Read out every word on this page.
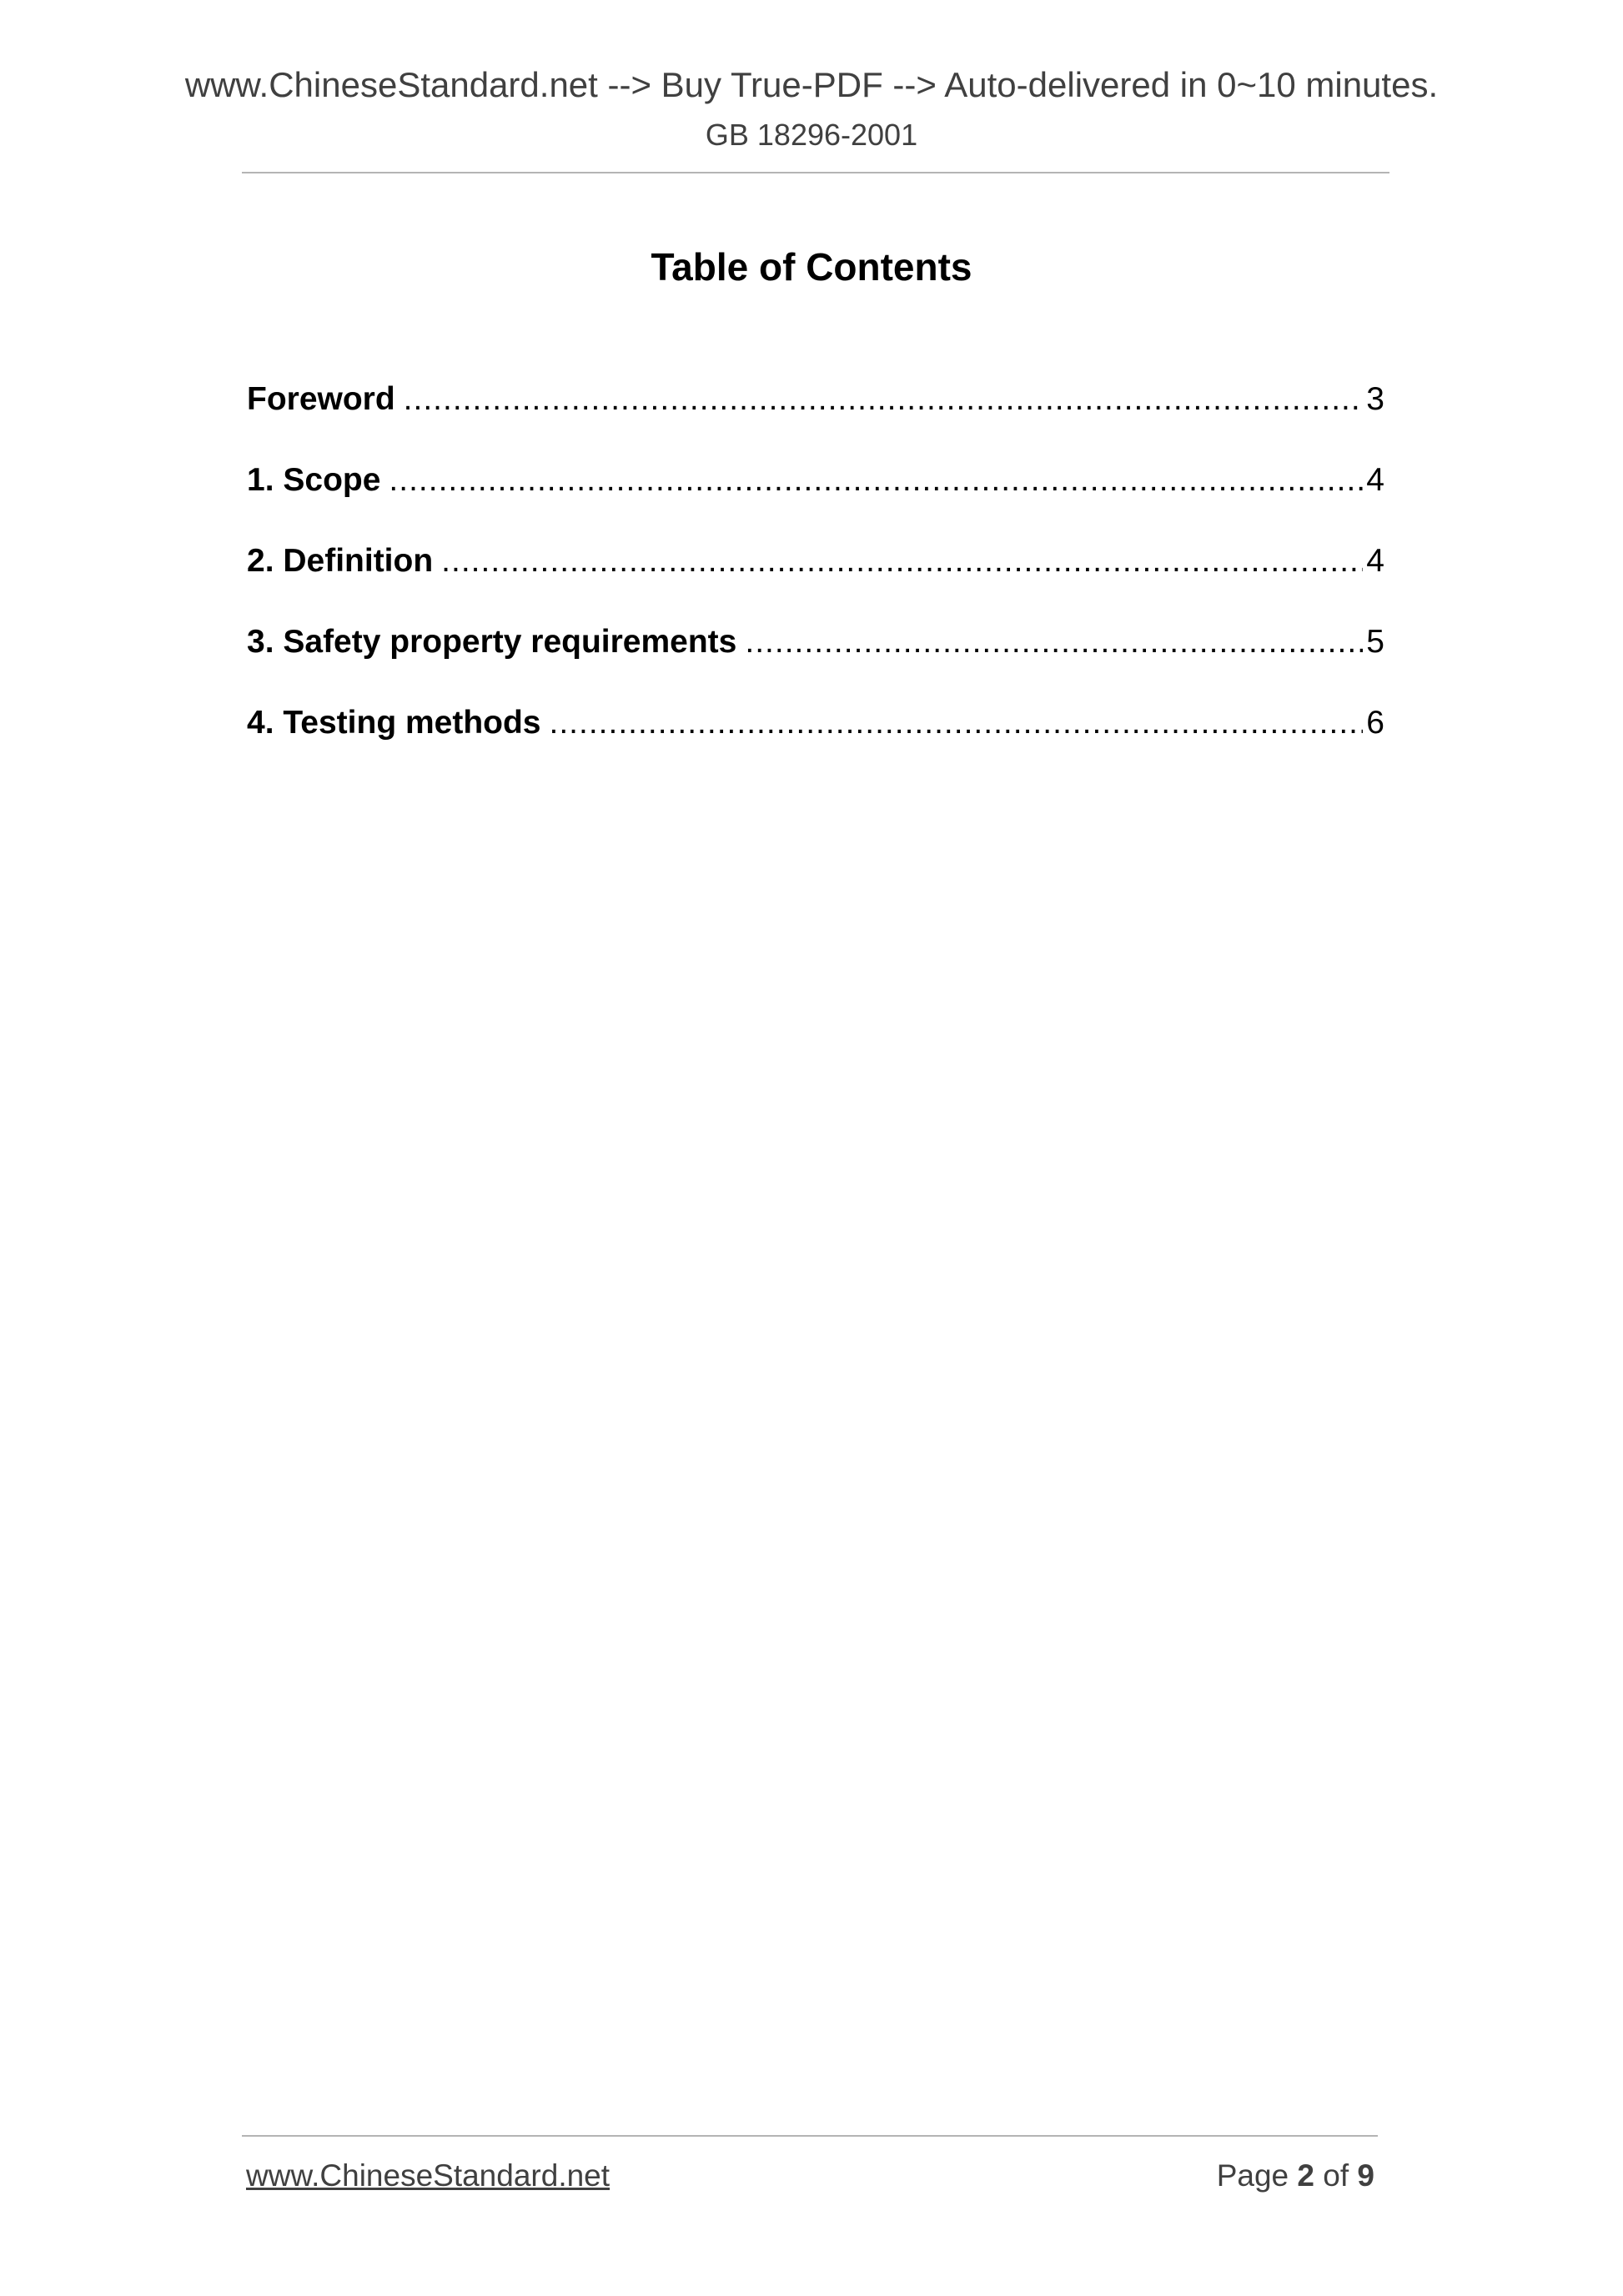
www.ChineseStandard.net --> Buy True-PDF --> Auto-delivered in 0~10 minutes.
GB 18296-2001
Table of Contents
Foreword .....	3
1. Scope .....	4
2. Definition .....	4
3. Safety property requirements .....	5
4. Testing methods .....	6
www.ChineseStandard.net	Page 2 of 9
